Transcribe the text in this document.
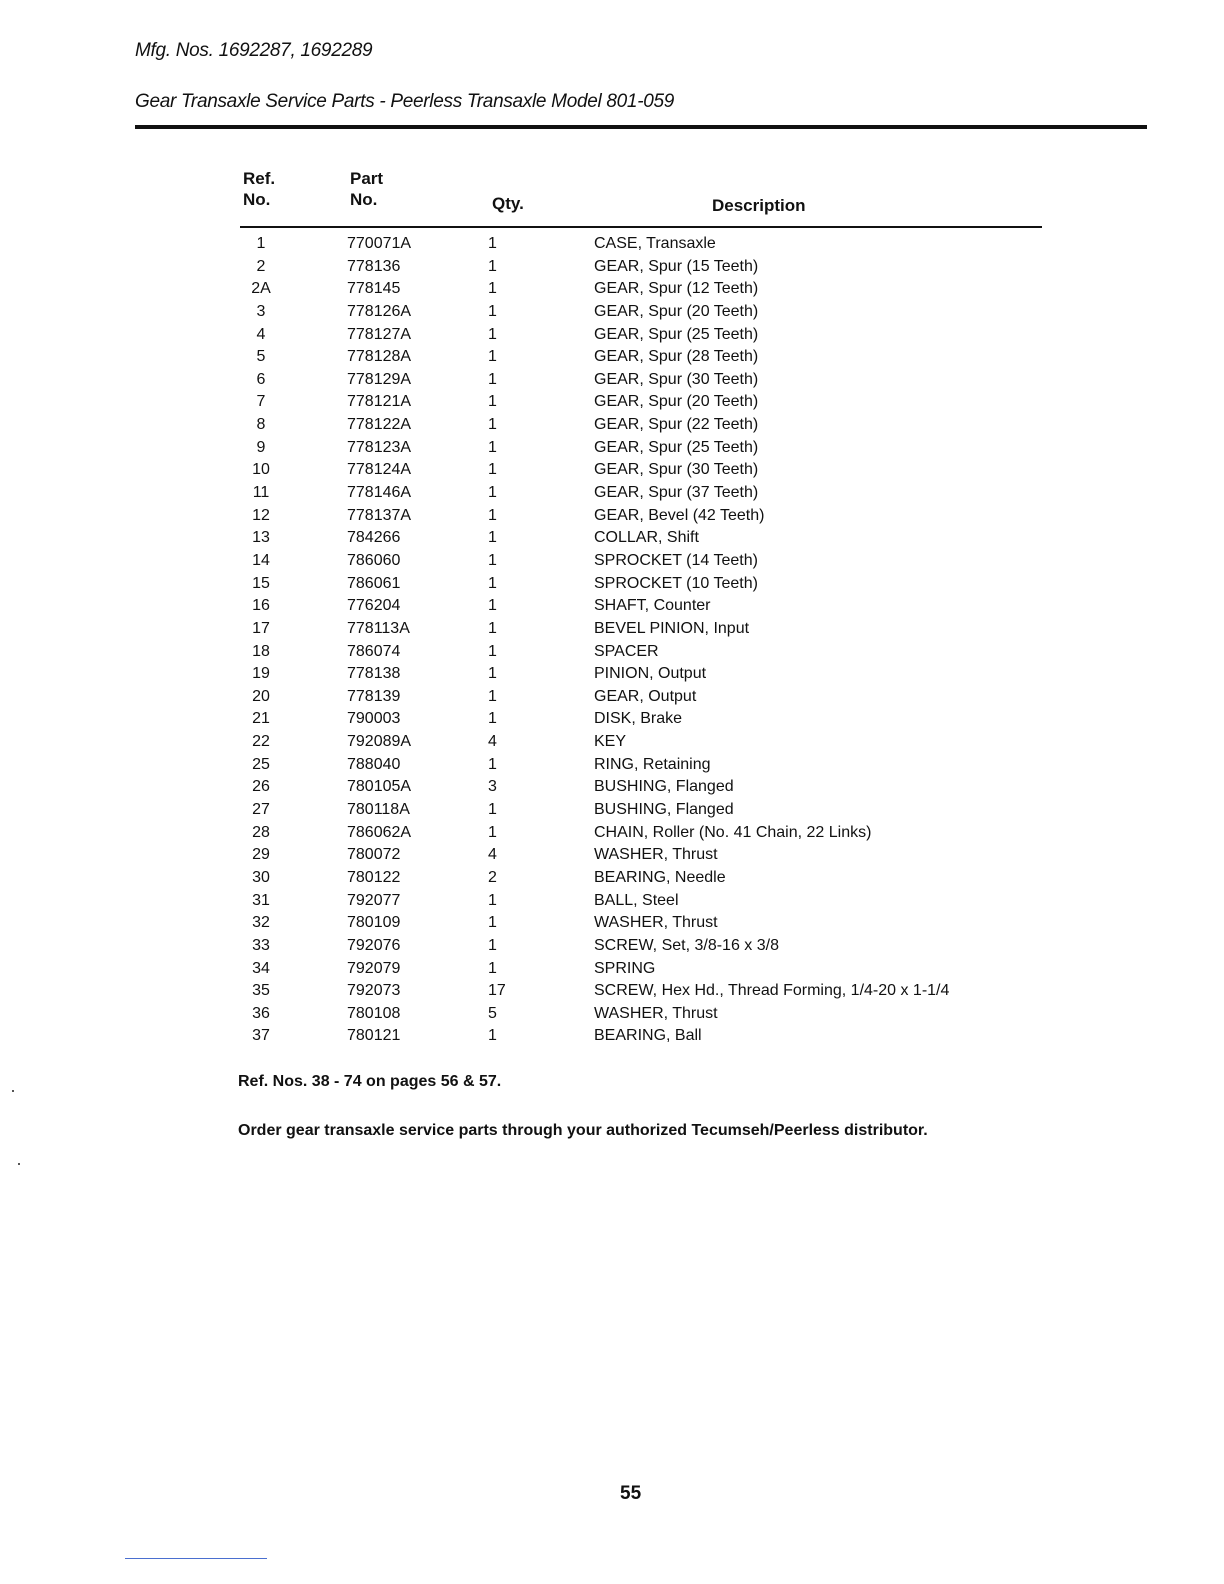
Mfg. Nos. 1692287, 1692289
Gear Transaxle Service Parts - Peerless Transaxle Model 801-059
Ref.
No.
Part
No.	Qty.	Description
1	770071A	1	CASE, Transaxle
2	778136	1	GEAR, Spur (15 Teeth)
2A	778145	1	GEAR, Spur (12 Teeth)
3	778126A	1	GEAR, Spur (20 Teeth)
4	778127A	1	GEAR, Spur (25 Teeth)
5	778128A	1	GEAR, Spur (28 Teeth)
6	778129A	1	GEAR, Spur (30 Teeth)
7	778121A	1	GEAR, Spur (20 Teeth)
8	778122A	1	GEAR, Spur (22 Teeth)
9	778123A	1	GEAR, Spur (25 Teeth)
10	778124A	1	GEAR, Spur (30 Teeth)
11	778146A	1	GEAR, Spur (37 Teeth)
12	778137A	1	GEAR, Bevel (42 Teeth)
13	784266	1	COLLAR, Shift
14	786060	1	SPROCKET (14 Teeth)
15	786061	1	SPROCKET (10 Teeth)
16	776204	1	SHAFT, Counter
17	778113A	1	BEVEL PINION, Input
18	786074	1	SPACER
19	778138	1	PINION, Output
20	778139	1	GEAR, Output
21	790003	1	DISK, Brake
22	792089A	4	KEY
25	788040	1	RING, Retaining
26	780105A	3	BUSHING, Flanged
27	780118A	1	BUSHING, Flanged
28	786062A	1	CHAIN, Roller (No. 41 Chain, 22 Links)
29	780072	4	WASHER, Thrust
30	780122	2	BEARING, Needle
31	792077	1	BALL, Steel
32	780109	1	WASHER, Thrust
33	792076	1	SCREW, Set, 3/8-16 x 3/8
34	792079	1	SPRING
35	792073	17	SCREW, Hex Hd., Thread Forming, 1/4-20 x 1-1/4
36	780108	5	WASHER, Thrust
37	780121	1	BEARING, Ball
Ref. Nos. 38 - 74 on pages 56 & 57.
Order gear transaxle service parts through your authorized Tecumseh/Peerless distributor.
55
